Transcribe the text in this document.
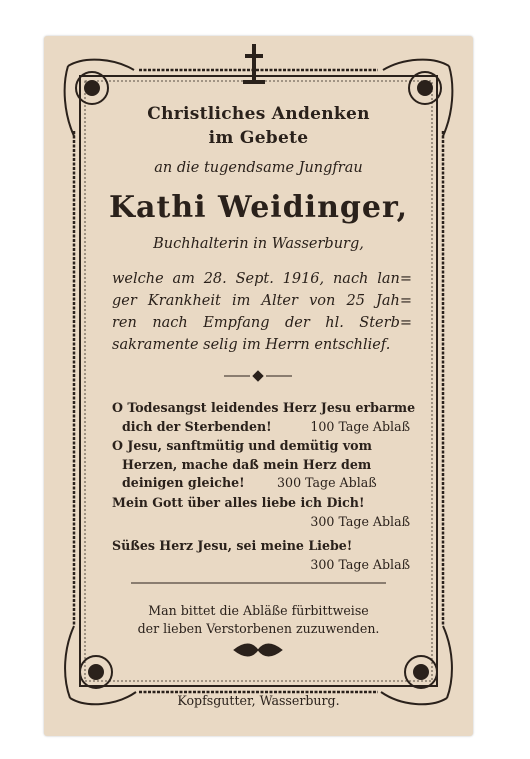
Christliches Andenken
im Gebete
an die tugendsame Jungfrau
Kathi Weidinger,
Buchhalterin in Wasserburg,
welche am 28. Sept. 1916, nach lan=
ger Krankheit im Alter von 25 Jah=
ren nach Empfang der hl. Sterb=
sakramente selig im Herrn entschlief.
O Todesangst leidendes Herz Jesu erbarme
dich der Sterbenden!	100 Tage Ablaß
O Jesu, sanftmütig und demütig vom
Herzen, mache daß mein Herz dem
deinigen gleiche!	300 Tage Ablaß
Mein Gott über alles liebe ich Dich!
300 Tage Ablaß
Süßes Herz Jesu, sei meine Liebe!
300 Tage Ablaß
Man bittet die Abläße fürbittweise
der lieben Verstorbenen zuzuwenden.
Kopfsgutter, Wasserburg.
